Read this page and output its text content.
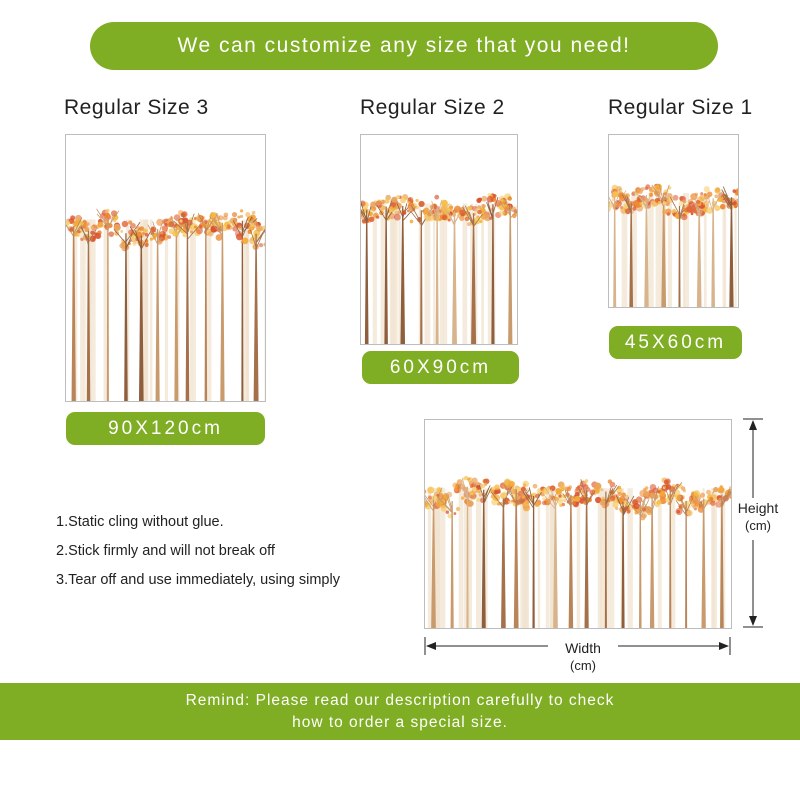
We can customize any size that you need!
Regular Size 3
90X120cm
Regular Size 2
60X90cm
Regular Size 1
45X60cm
1.Static cling without glue.
2.Stick firmly and will not break off
3.Tear off and use immediately, using simply
Height
(cm)
Width
(cm)
Remind: Please read our description carefully to check
how to order a special size.
